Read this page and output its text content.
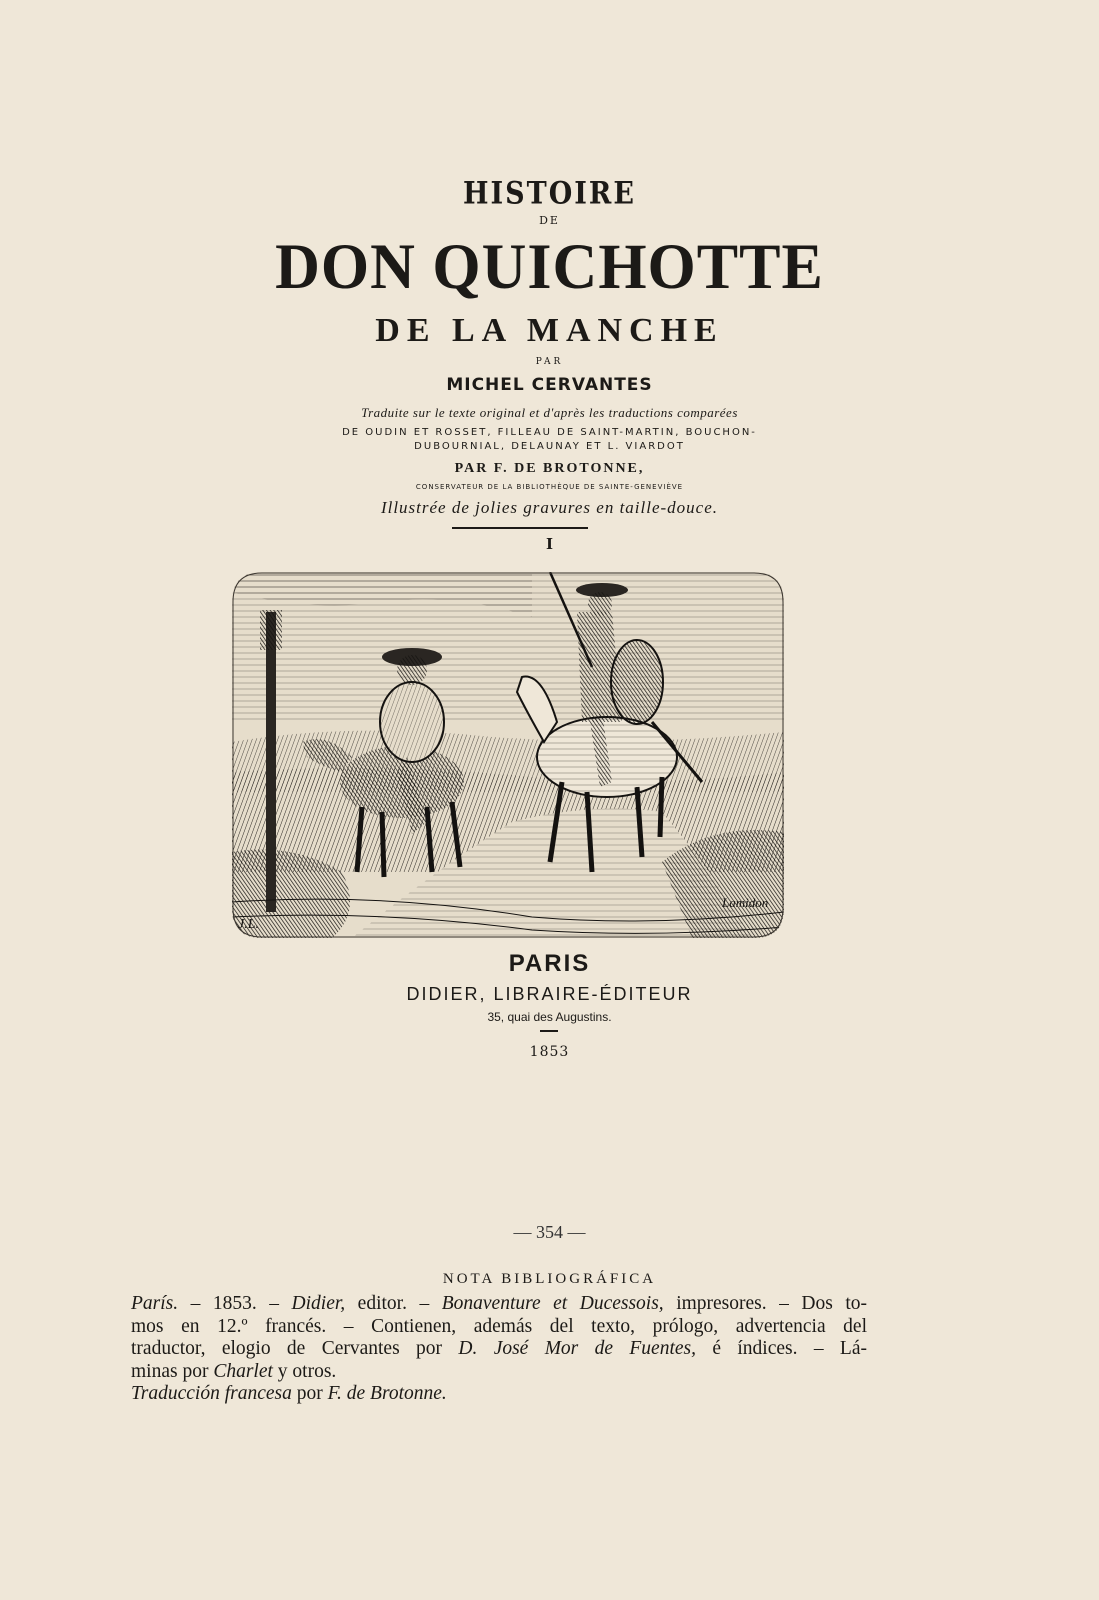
HISTOIRE
DE
DON QUICHOTTE
DE LA MANCHE
PAR
MICHEL CERVANTES
Traduite sur le texte original et d'après les traductions comparées
DE OUDIN ET ROSSET, FILLEAU DE SAINT-MARTIN, BOUCHON-
DUBOURNIAL, DELAUNAY ET L. VIARDOT
PAR F. DE BROTONNE,
CONSERVATEUR DE LA BIBLIOTHÈQUE DE SAINTE-GENEVIÈVE
Illustrée de jolies gravures en taille-douce.
I
J.L.
Lamidon
PARIS
DIDIER, LIBRAIRE-ÉDITEUR
35, quai des Augustins.
1853
— 354 —
NOTA BIBLIOGRÁFICA
París. – 1853. – Didier, editor. – Bonaventure et Ducessois, impresores. – Dos to-
mos en 12.º francés. – Contienen, además del texto, prólogo, advertencia del
traductor, elogio de Cervantes por D. José Mor de Fuentes, é índices. – Lá-
minas por Charlet y otros.
Traducción francesa por F. de Brotonne.
